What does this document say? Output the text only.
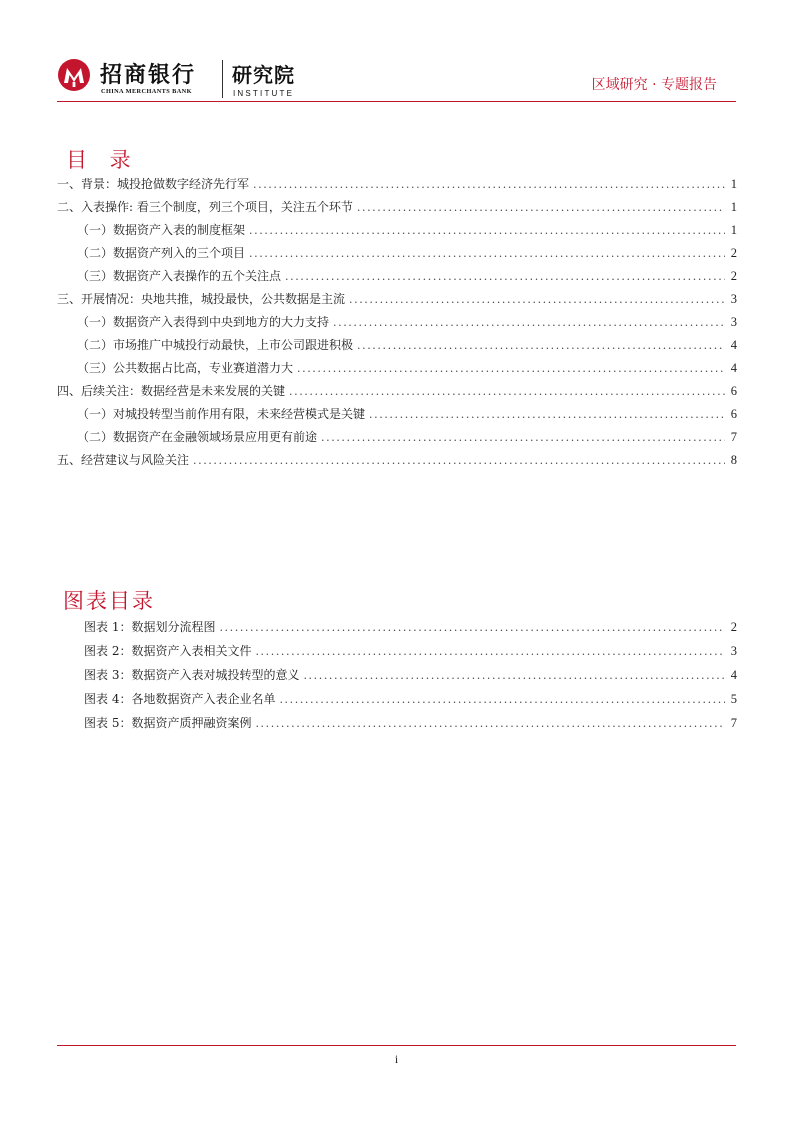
招商银行
CHINA MERCHANTS BANK
研究院
INSTITUTE
区域研究 · 专题报告
目 录
一、背景：城投抢做数字经济先行军 .....	1
二、入表操作: 看三个制度，列三个项目，关注五个环节 .....	1
（一）数据资产入表的制度框架 .....	1
（二）数据资产列入的三个项目 .....	2
（三）数据资产入表操作的五个关注点 .....	2
三、开展情况：央地共推，城投最快，公共数据是主流 .....	3
（一）数据资产入表得到中央到地方的大力支持 .....	3
（二）市场推广中城投行动最快，上市公司跟进积极 .....	4
（三）公共数据占比高，专业赛道潜力大 .....	4
四、后续关注：数据经营是未来发展的关键 .....	6
（一）对城投转型当前作用有限，未来经营模式是关键 .....	6
（二）数据资产在金融领域场景应用更有前途 .....	7
五、经营建议与风险关注 .....	8
图表目录
图表 1：数据划分流程图 .....	2
图表 2：数据资产入表相关文件 .....	3
图表 3：数据资产入表对城投转型的意义 .....	4
图表 4：各地数据资产入表企业名单 .....	5
图表 5：数据资产质押融资案例 .....	7
i
